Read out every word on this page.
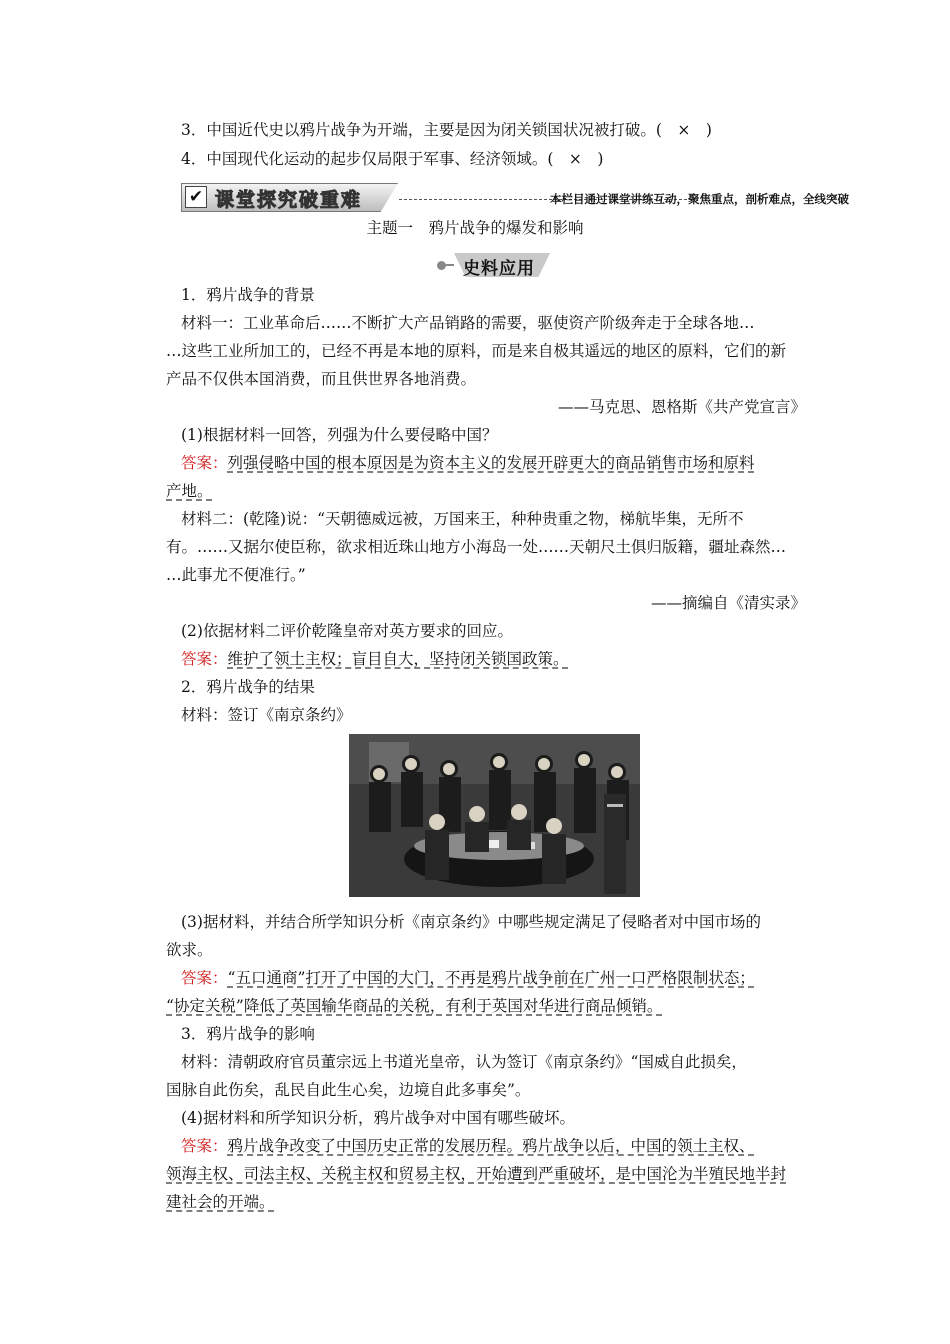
3．中国近代史以鸦片战争为开端，主要是因为闭关锁国状况被打破。(　×　)
4．中国现代化运动的起步仅局限于军事、经济领域。(　×　)
✔ 课堂探究破重难	本栏目通过课堂讲练互动，聚焦重点，剖析难点，全线突破
主题一　鸦片战争的爆发和影响
史料应用
1．鸦片战争的背景
材料一：工业革命后……不断扩大产品销路的需要，驱使资产阶级奔走于全球各地…
…这些工业所加工的，已经不再是本地的原料，而是来自极其遥远的地区的原料，它们的新
产品不仅供本国消费，而且供世界各地消费。
——马克思、恩格斯《共产党宣言》
(1)根据材料一回答，列强为什么要侵略中国？
答案：列强侵略中国的根本原因是为资本主义的发展开辟更大的商品销售市场和原料
产地。
材料二：(乾隆)说：“天朝德威远被，万国来王，种种贵重之物，梯航毕集，无所不
有。……又据尔使臣称，欲求相近珠山地方小海岛一处……天朝尺土俱归版籍，疆址森然…
…此事尤不便准行。”
——摘编自《清实录》
(2)依据材料二评价乾隆皇帝对英方要求的回应。
答案：维护了领土主权；盲目自大，坚持闭关锁国政策。
2．鸦片战争的结果
材料：签订《南京条约》
(3)据材料，并结合所学知识分析《南京条约》中哪些规定满足了侵略者对中国市场的
欲求。
答案：“五口通商”打开了中国的大门，不再是鸦片战争前在广州一口严格限制状态；
“协定关税”降低了英国输华商品的关税，有利于英国对华进行商品倾销。
3．鸦片战争的影响
材料：清朝政府官员董宗远上书道光皇帝，认为签订《南京条约》“国威自此损矣，
国脉自此伤矣，乱民自此生心矣，边境自此多事矣”。
(4)据材料和所学知识分析，鸦片战争对中国有哪些破坏。
答案：鸦片战争改变了中国历史正常的发展历程。鸦片战争以后，中国的领土主权、
领海主权、司法主权、关税主权和贸易主权，开始遭到严重破坏，是中国沦为半殖民地半封
建社会的开端。
